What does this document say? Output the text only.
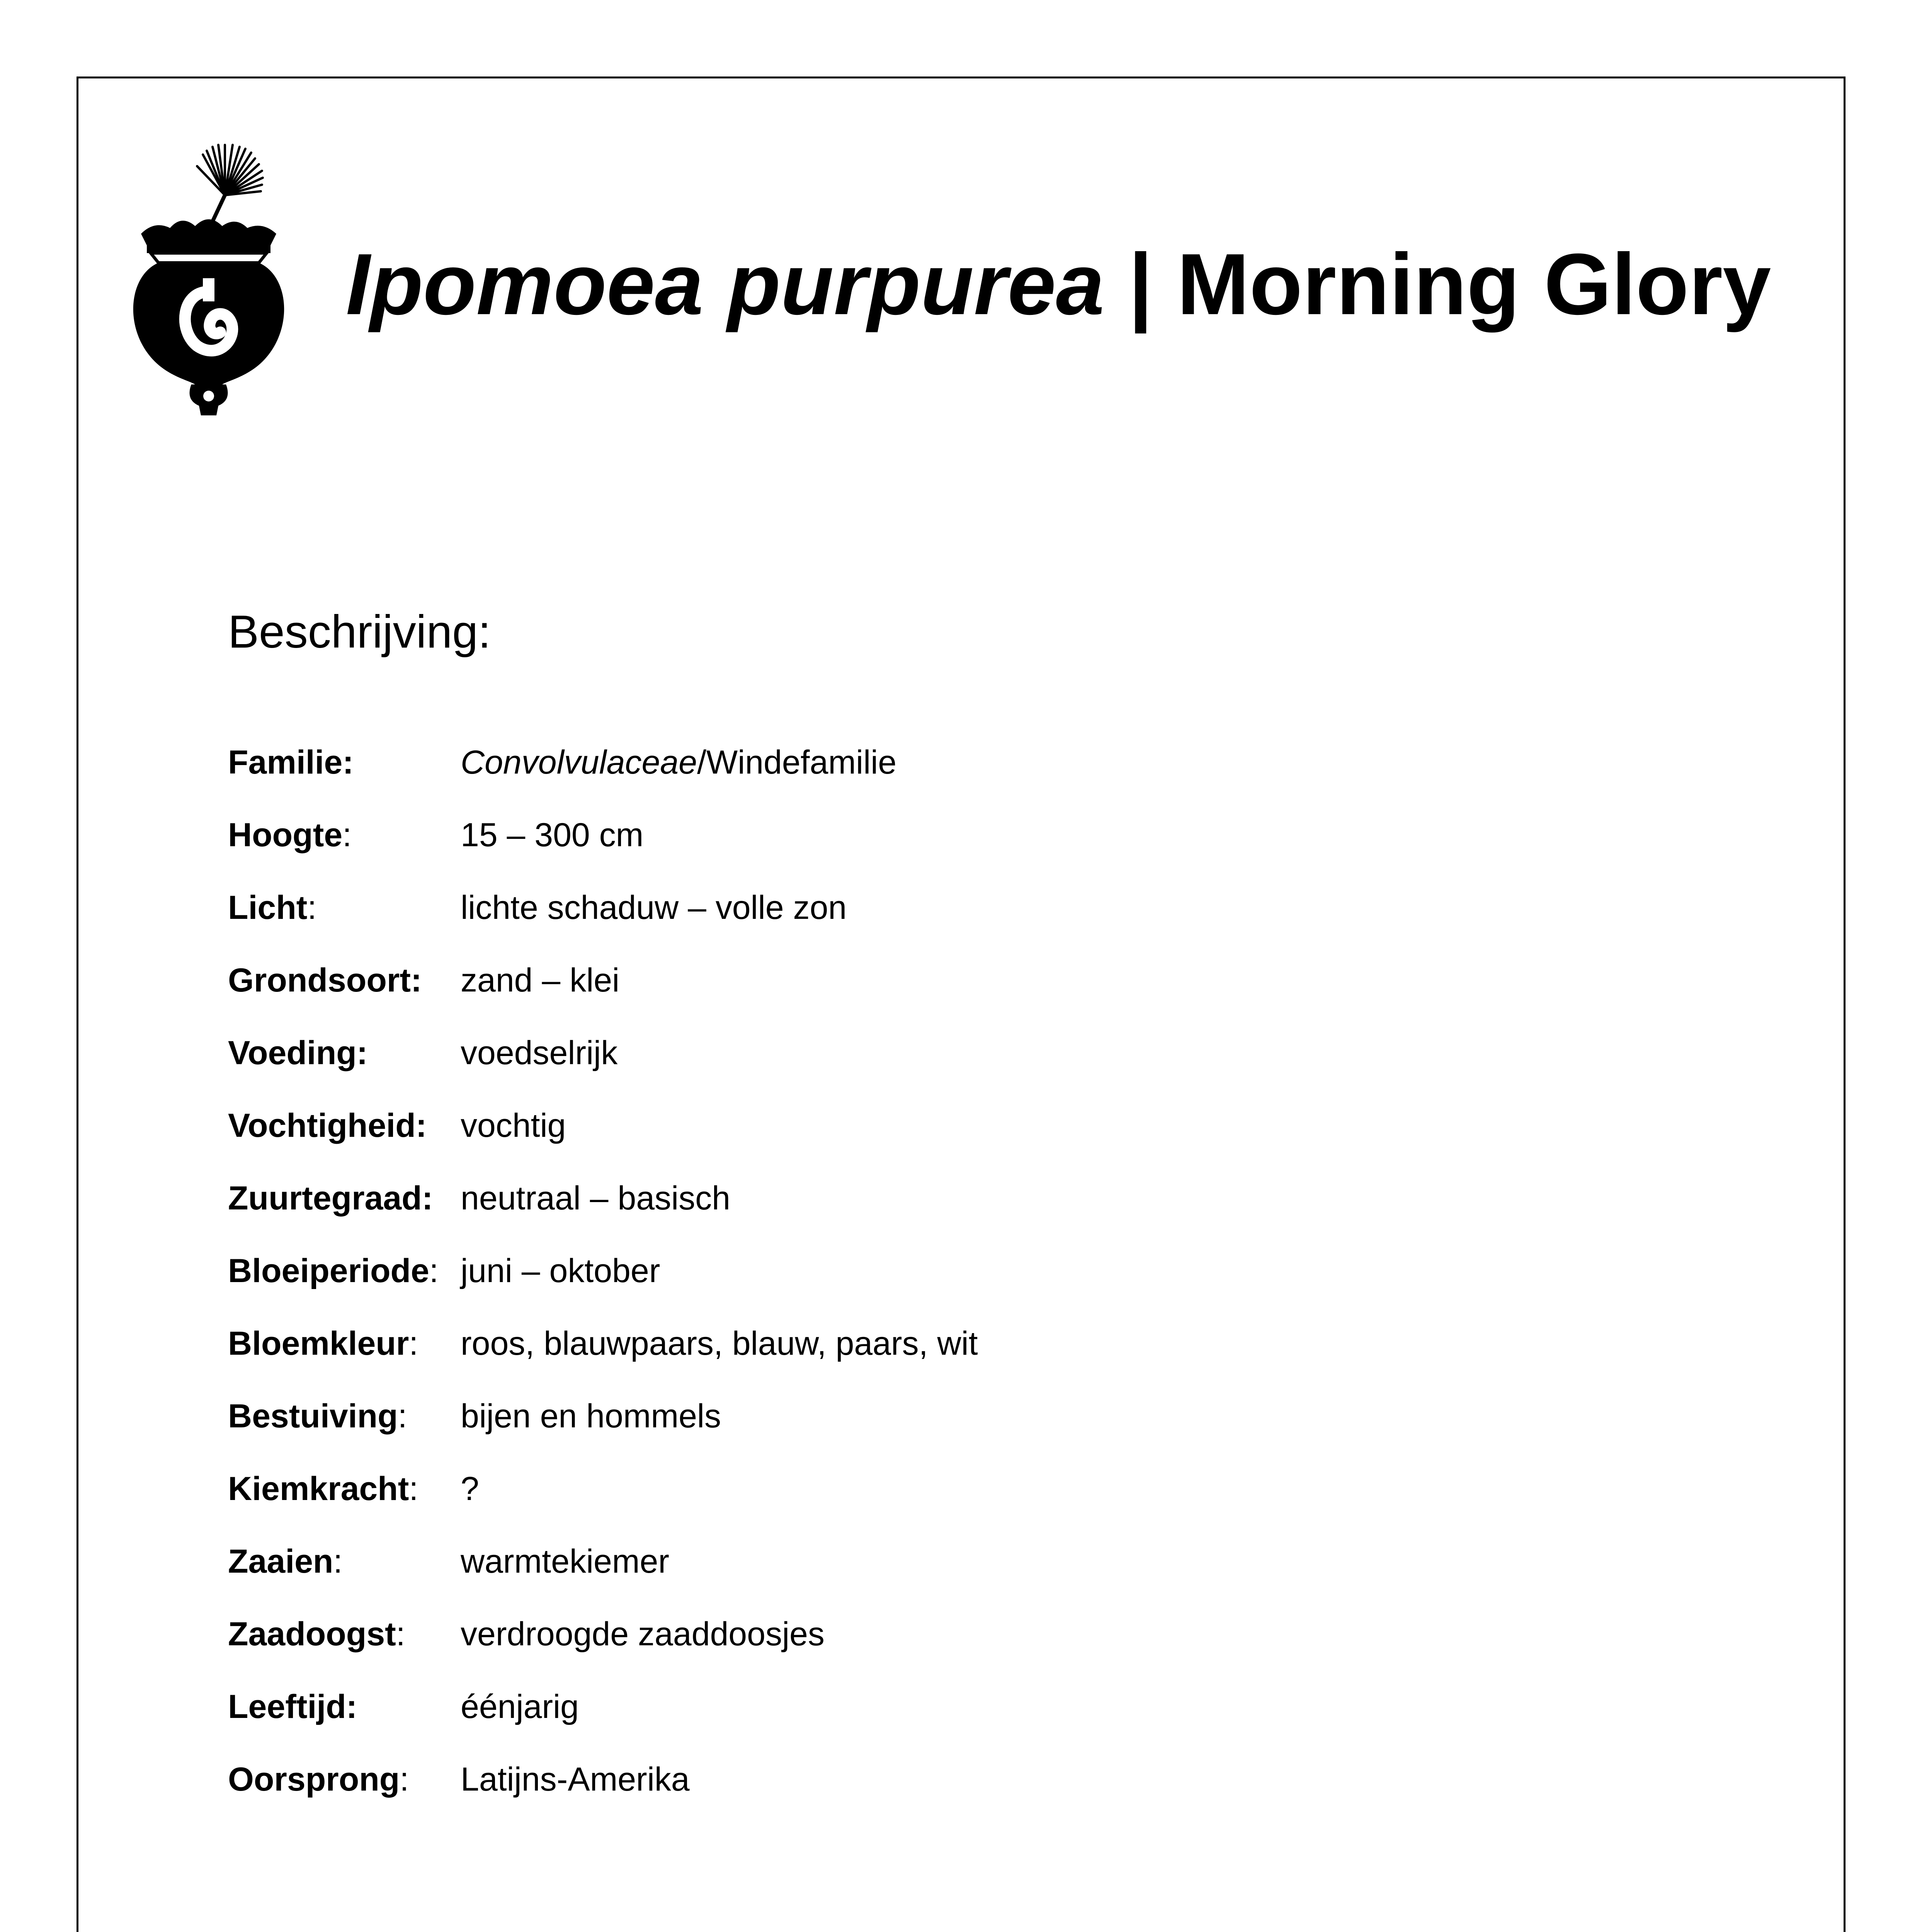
Ipomoea purpurea | Morning Glory
Beschrijving:
Familie:	Convolvulaceae/Windefamilie
Hoogte:	15 – 300 cm
Licht:	lichte schaduw – volle zon
Grondsoort: zand – klei
Voeding:	voedselrijk
Vochtigheid: vochtig
Zuurtegraad: neutraal – basisch
Bloeiperiode: juni – oktober
Bloemkleur: roos, blauwpaars, blauw, paars, wit
Bestuiving: bijen en hommels
Kiemkracht: ?
Zaaien:	warmtekiemer
Zaadoogst: verdroogde zaaddoosjes
Leeftijd:	éénjarig
Oorsprong: Latijns-Amerika
